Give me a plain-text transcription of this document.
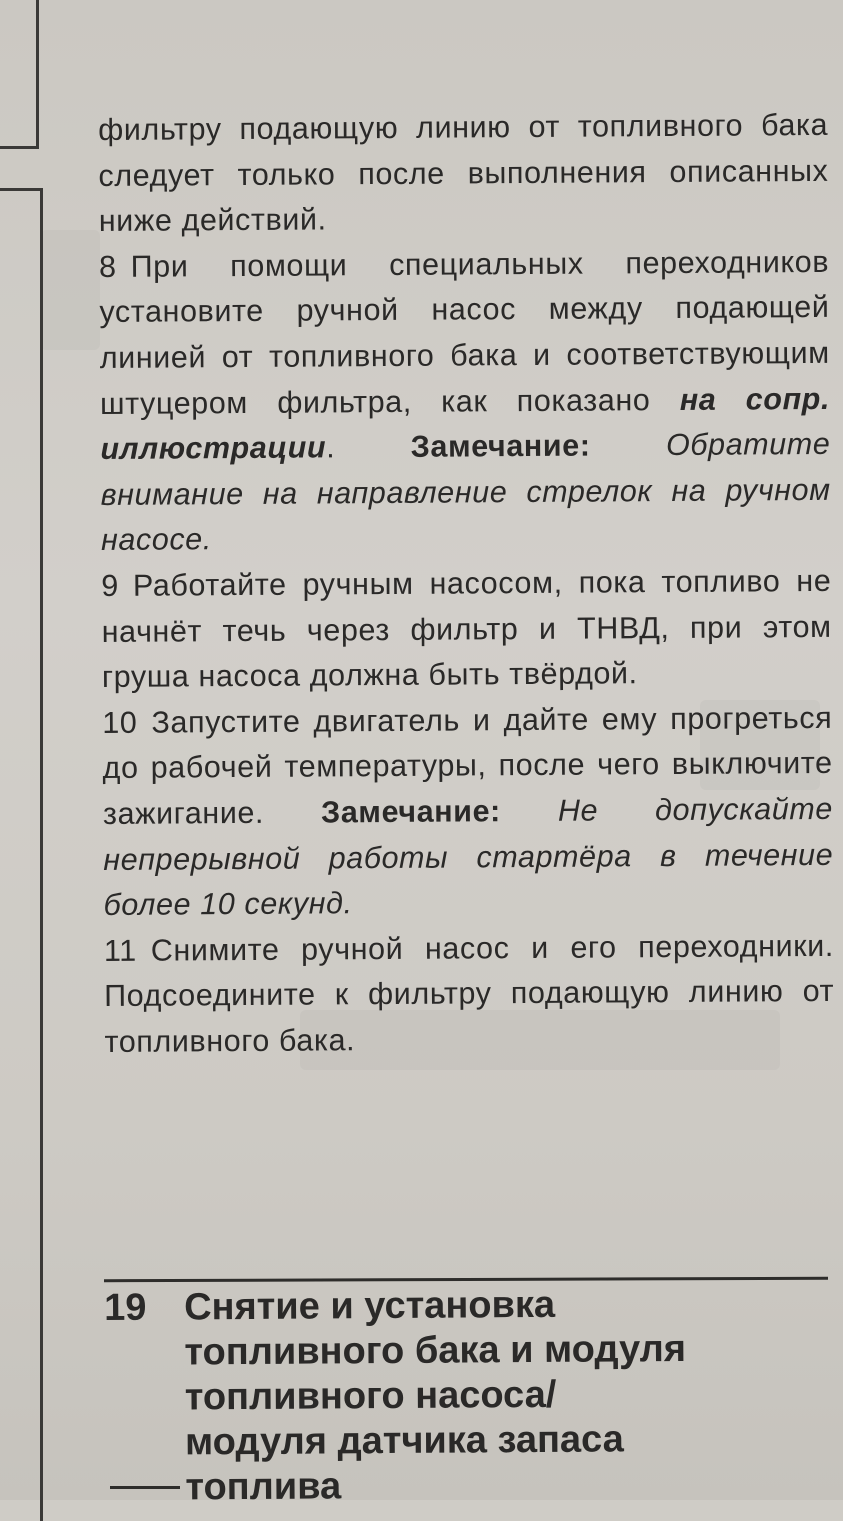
фильтру подающую линию от топливного бака следует только после выполнения описанных ниже действий.

8 При помощи специальных переходников установите ручной насос между подающей линией от топливного бака и соответствующим штуцером фильтра, как показано на сопр. иллюстрации. Замечание: Обратите внимание на направление стрелок на ручном насосе.

9 Работайте ручным насосом, пока топливо не начнёт течь через фильтр и ТНВД, при этом груша насоса должна быть твёрдой.

10 Запустите двигатель и дайте ему прогреться до рабочей температуры, после чего выключите зажигание. Замечание: Не допускайте непрерывной работы стартёра в течение более 10 секунд.

11 Снимите ручной насос и его переходники. Подсоедините к фильтру подающую линию от топливного бака.

19 Снятие и установка
топливного бака и модуля
топливного насоса/
модуля датчика запаса
топлива
